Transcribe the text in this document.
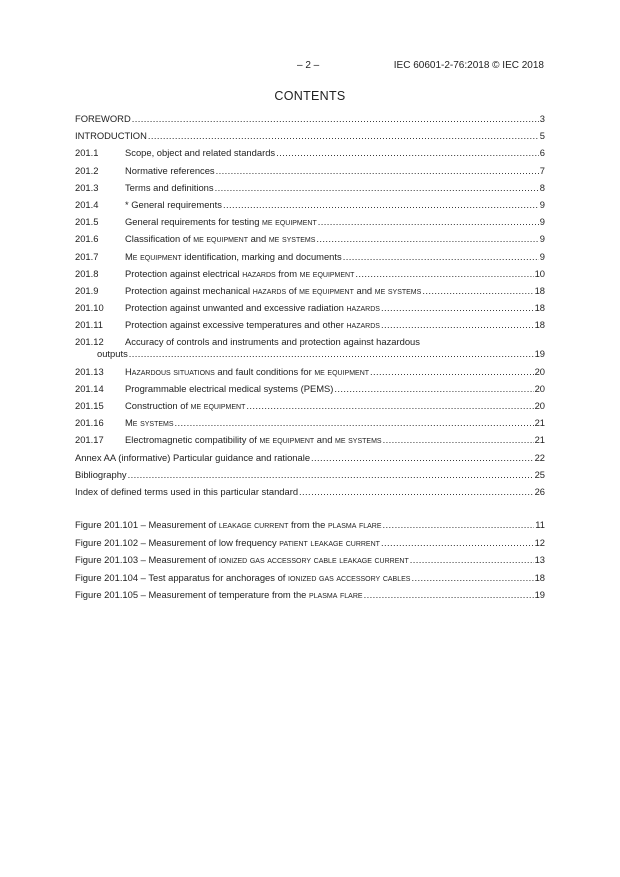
– 2 –	IEC 60601-2-76:2018 © IEC 2018
CONTENTS
FOREWORD .....	3
INTRODUCTION .....	5
201.1	Scope, object and related standards .....	6
201.2	Normative references .....	7
201.3	Terms and definitions .....	8
201.4	* General requirements .....	9
201.5	General requirements for testing me equipment .....	9
201.6	Classification of me equipment and me systems .....	9
201.7	Me equipment identification, marking and documents .....	9
201.8	Protection against electrical hazards from me equipment .....	10
201.9	Protection against mechanical hazards of me equipment and me systems .....	18
201.10	Protection against unwanted and excessive radiation hazards .....	18
201.11	Protection against excessive temperatures and other hazards .....	18
201.12	Accuracy of controls and instruments and protection against hazardous
outputs .....	19
201.13	Hazardous situations and fault conditions for me equipment .....	20
201.14	Programmable electrical medical systems (PEMS) .....	20
201.15	Construction of me equipment .....	20
201.16	Me systems .....	21
201.17	Electromagnetic compatibility of me equipment and me systems .....	21
Annex AA (informative) Particular guidance and rationale .....	22
Bibliography .....	25
Index of defined terms used in this particular standard .....	26
Figure 201.101 – Measurement of leakage current from the plasma flare .....	11
Figure 201.102 – Measurement of low frequency patient leakage current .....	12
Figure 201.103 – Measurement of ionized gas accessory cable leakage current .....	13
Figure 201.104 – Test apparatus for anchorages of ionized gas accessory cables .....	18
Figure 201.105 – Measurement of temperature from the plasma flare .....	19
